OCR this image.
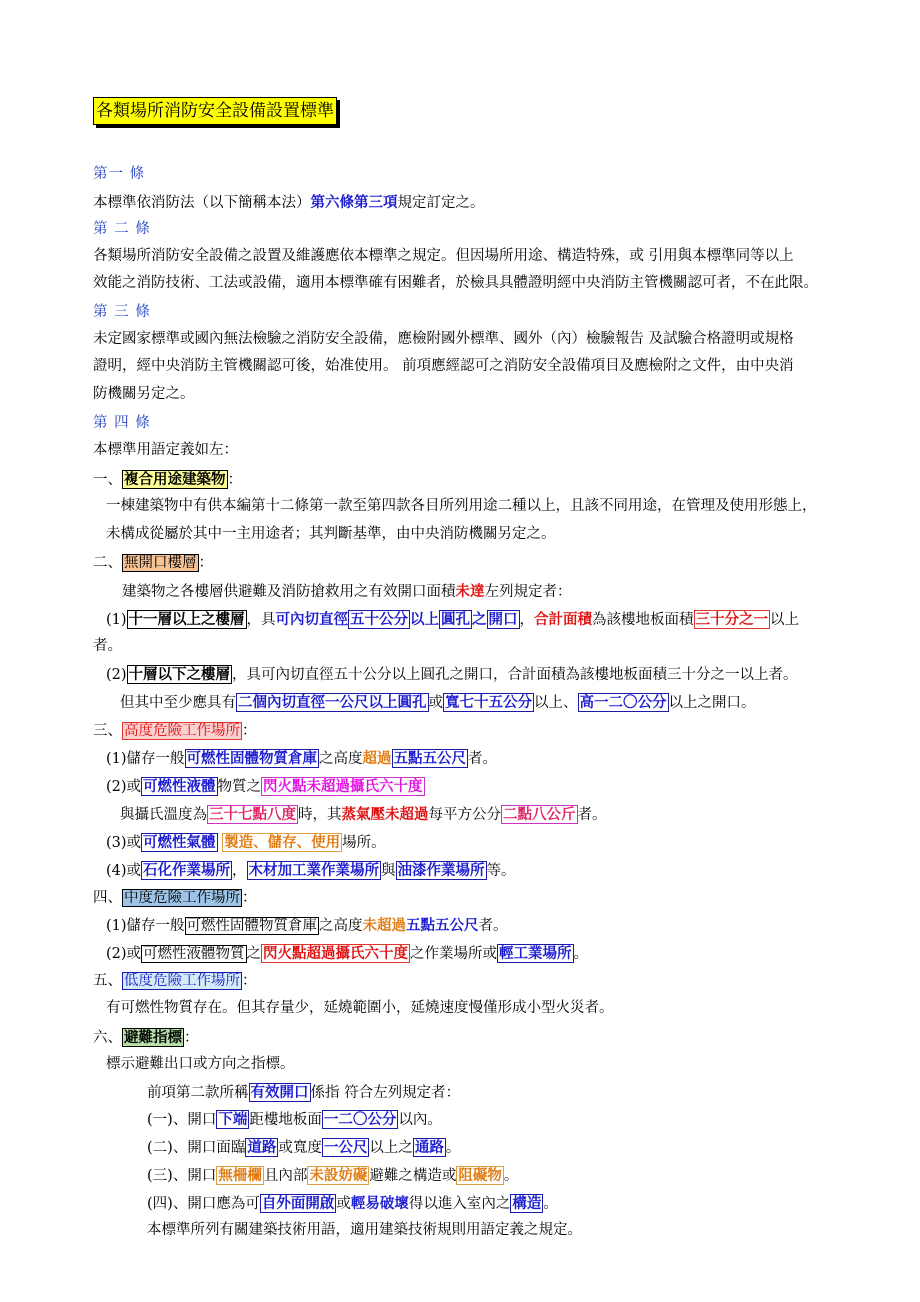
各類場所消防安全設備設置標準
第一 條
本標準依消防法（以下簡稱本法）第六條第三項規定訂定之。
第 二 條
各類場所消防安全設備之設置及維護應依本標準之規定。但因場所用途、構造特殊，或 引用與本標準同等以上
效能之消防技術、工法或設備，適用本標準確有困難者，於檢具具體證明經中央消防主管機關認可者，不在此限。
第 三 條
未定國家標準或國內無法檢驗之消防安全設備，應檢附國外標準、國外（內）檢驗報告 及試驗合格證明或規格
證明，經中央消防主管機關認可後，始准使用。 前項應經認可之消防安全設備項目及應檢附之文件，由中央消
防機關另定之。
第 四 條
本標準用語定義如左：
一、 複合用途建築物 ：
一棟建築物中有供本編第十二條第一款至第四款各目所列用途二種以上，且該不同用途，在管理及使用形態上，
未構成從屬於其中一主用途者；其判斷基準，由中央消防機關另定之。
二、 無開口樓層 ：
建築物之各樓層供避難及消防搶救用之有效開口面積未達左列規定者：
(1) 十一層以上之樓層 ，具可內切直徑 五十公分 以上 圓孔 之 開口 ，合計面積為該樓地板面積 三十分之一 以上
者。
(2) 十層以下之樓層 ，具可內切直徑五十公分以上圓孔之開口，合計面積為該樓地板面積三十分之一以上者。
但其中至少應具有 二個內切直徑一公尺以上圓孔 或 寬七十五公分 以上、 高一二〇公分 以上之開口。
三、 高度危險工作場所 ：
(1)儲存一般 可燃性固體物質倉庫 之高度超過 五點五公尺 者。
(2)或 可燃性液體 物質之 閃火點未超過攝氏六十度
與攝氏溫度為 三十七點八度 時，其蒸氣壓未超過每平方公分 二點八公斤 者。
(3)或 可燃性氣體 製造、儲存、使用 場所。
(4)或 石化作業場所 ， 木材加工業作業場所 與 油漆作業場所 等。
四、 中度危險工作場所 ：
(1)儲存一般 可燃性固體物質倉庫 之高度未超過五點五公尺者。
(2)或 可燃性液體物質 之 閃火點超過攝氏六十度 之作業場所或 輕工業場所 。
五、 低度危險工作場所 ：
有可燃性物質存在。但其存量少，延燒範圍小，延燒速度慢僅形成小型火災者。
六、 避難指標 ：
標示避難出口或方向之指標。
前項第二款所稱 有效開口 係指 符合左列規定者：
(一)、開口 下端 距樓地板面 一二〇公分 以內。
(二)、開口面臨 道路 或寬度 一公尺 以上之 通路 。
(三)、開口 無柵欄 且內部 未設妨礙 避難之構造或 阻礙物 。
(四)、開口應為可 自外面開啟 或輕易破壞得以進入室內之 構造 。
本標準所列有關建築技術用語，適用建築技術規則用語定義之規定。
